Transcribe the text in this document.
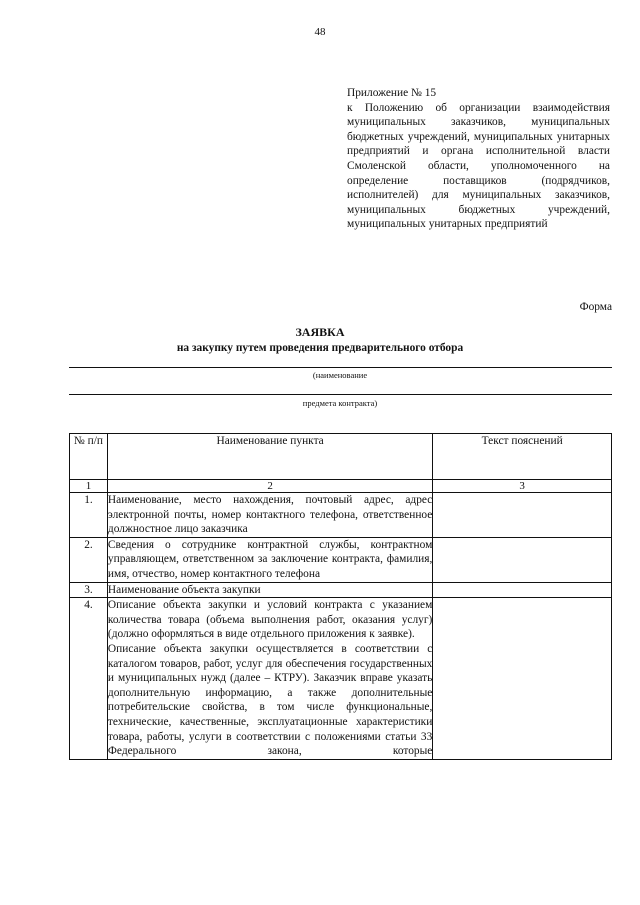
48
Приложение № 15
к Положению об организации взаимодействия муниципальных заказчиков, муниципальных бюджетных учреждений, муниципальных унитарных предприятий и органа исполнительной власти Смоленской области, уполномоченного на определение поставщиков (подрядчиков, исполнителей) для муниципальных заказчиков, муниципальных бюджетных учреждений, муниципальных унитарных предприятий
Форма
ЗАЯВКА
на закупку путем проведения предварительного отбора
(наименование
предмета контракта)
№ п/п	Наименование пункта	Текст пояснений
1	2	3
1.	Наименование, место нахождения, почтовый адрес, адрес электронной почты, номер контактного телефона, ответственное должностное лицо заказчика	

2.	Сведения о сотруднике контрактной службы, контрактном управляющем, ответственном за заключение контракта, фамилия, имя, отчество, номер контактного телефона	

3.	Наименование объекта закупки	

4.	Описание объекта закупки и условий контракта с указанием количества товара (объема выполнения работ, оказания услуг) (должно оформляться в виде отдельного приложения к заявке).

Описание объекта закупки осуществляется в соответствии с каталогом товаров, работ, услуг для обеспечения государственных и муниципальных нужд (далее – КТРУ). Заказчик вправе указать дополнительную информацию, а также дополнительные потребительские свойства, в том числе функциональные, технические, качественные, эксплуатационные характеристики товара, работы, услуги в соответствии с положениями статьи 33 Федерального закона, которые	
